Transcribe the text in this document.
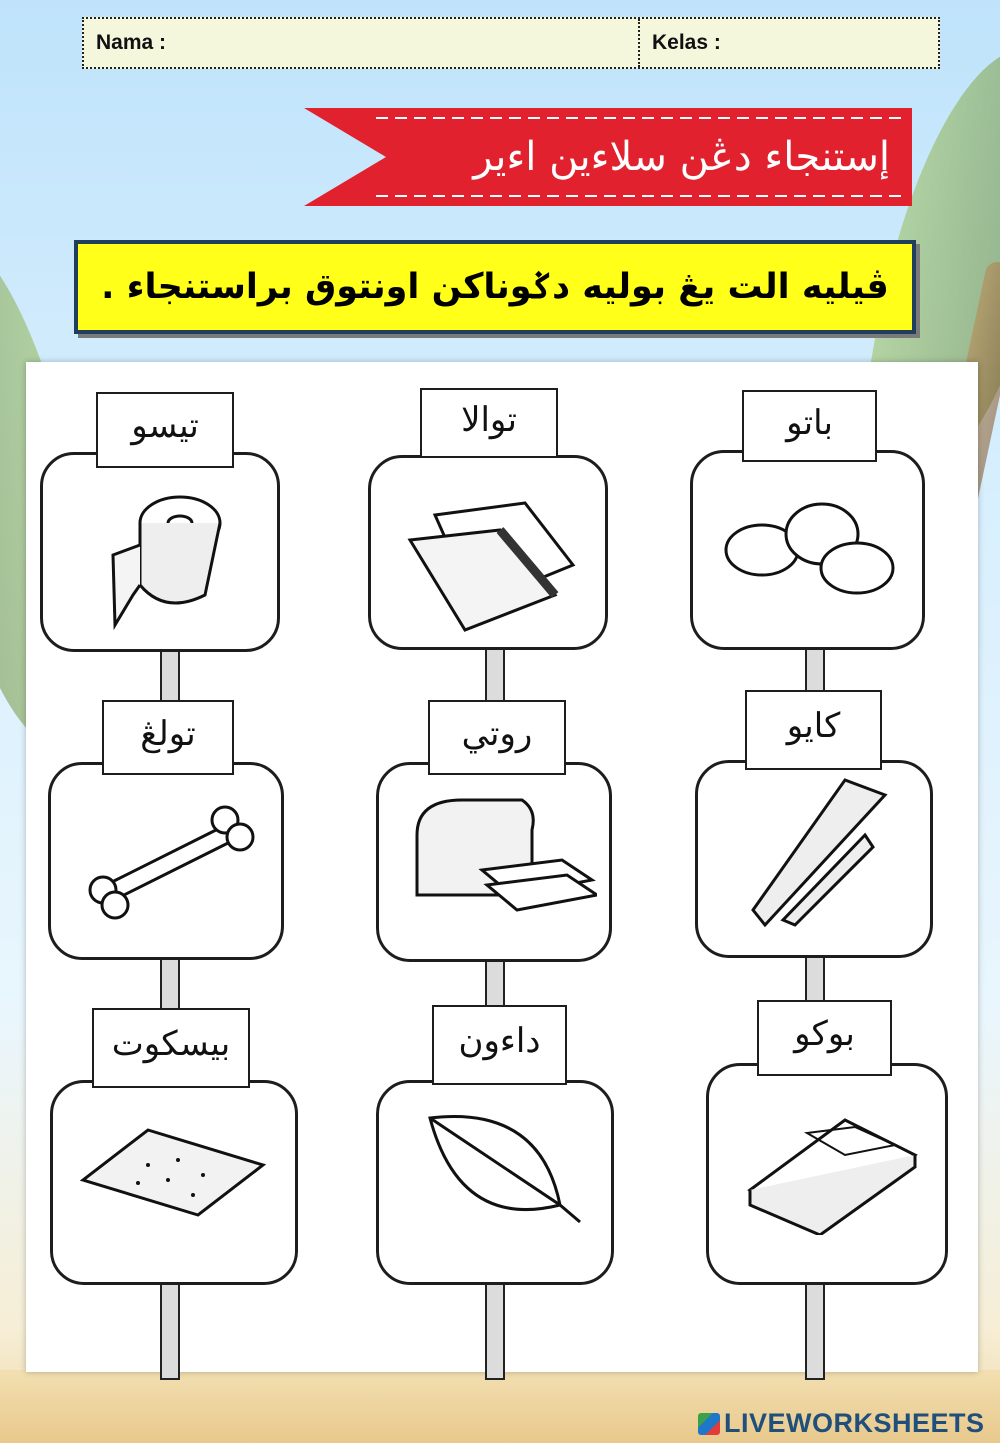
Nama :	Kelas :
إستنجاء دڠن سلاءين اءير
ڤيليه الت يڠ بوليه دݢوناکن اونتوق براستنجاء .
تيسو	توالا	باتو
تولڠ	روتي	کايو
بيسکوت	داءون	بوکو
LIVEWORKSHEETS
